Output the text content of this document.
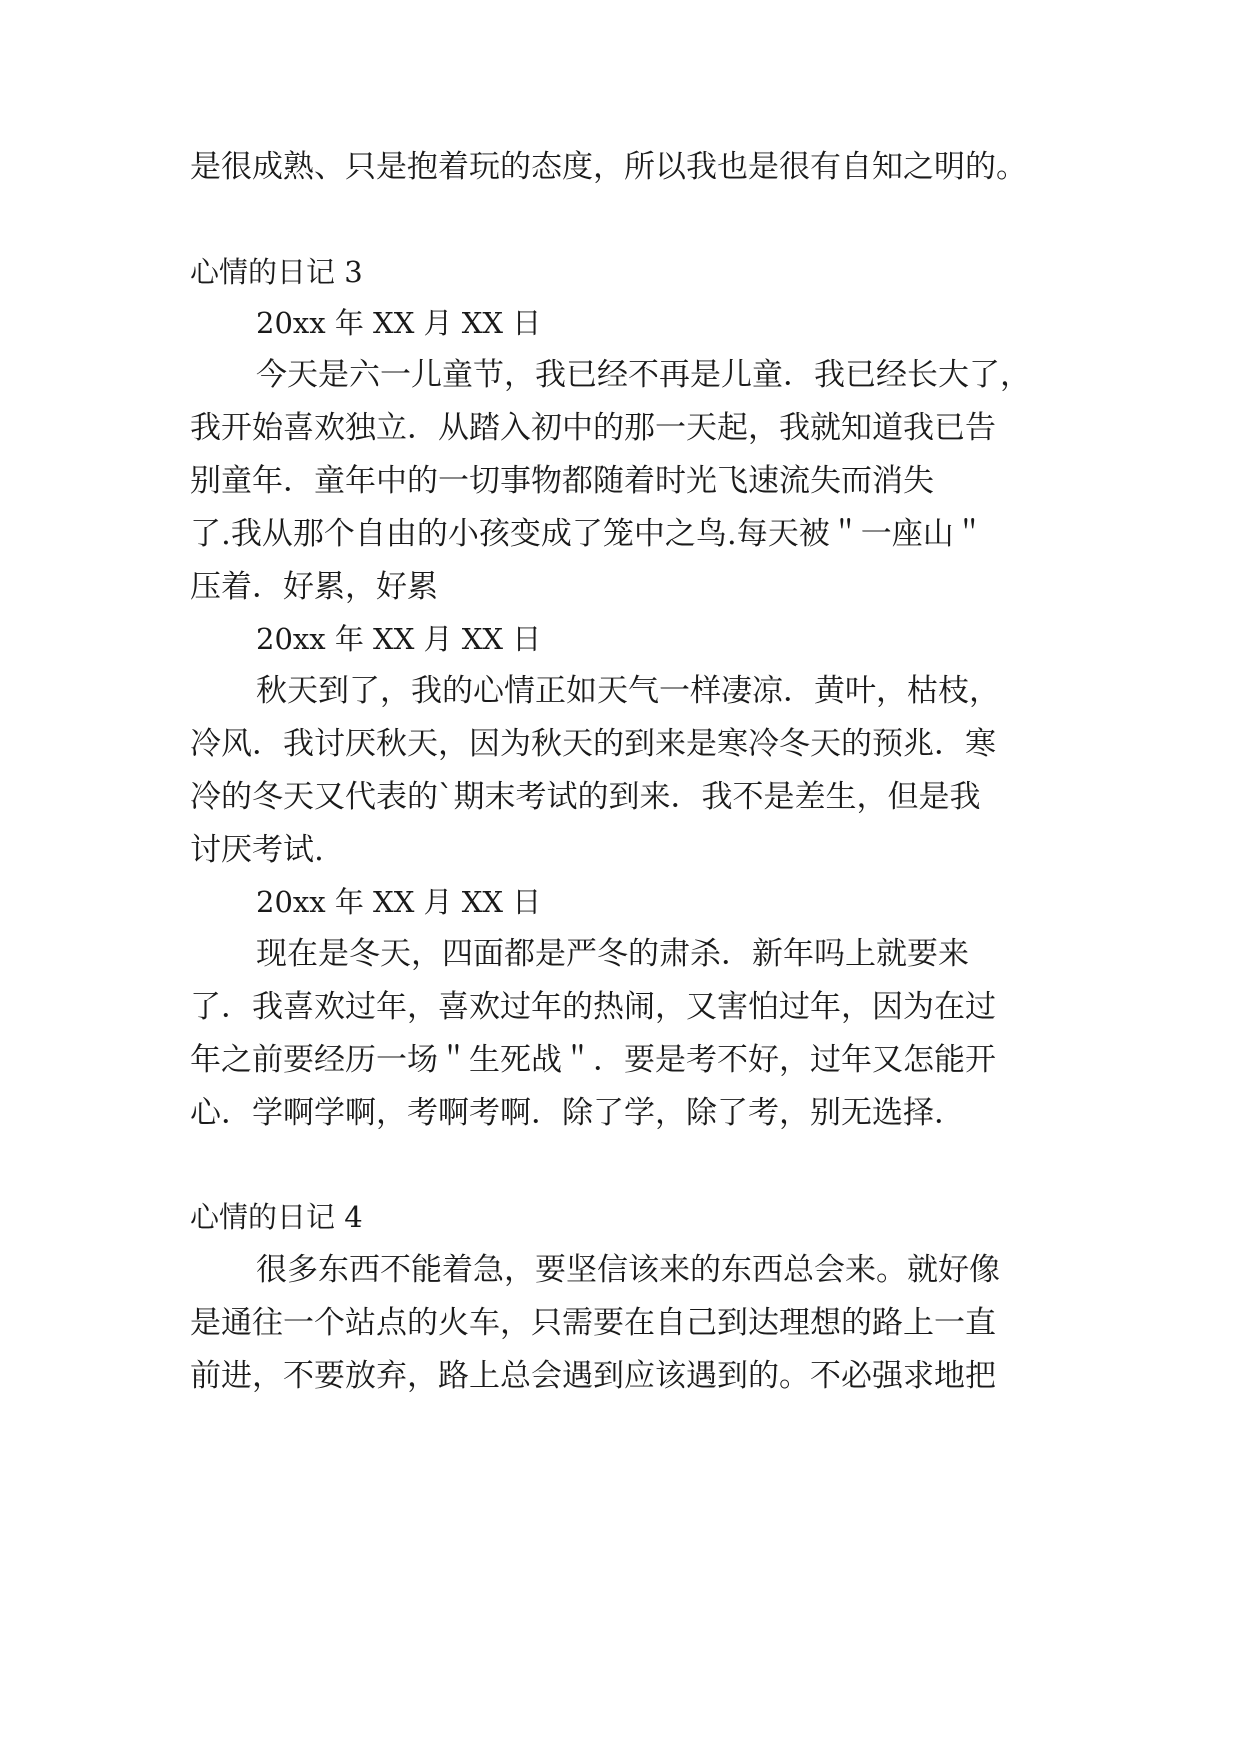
是很成熟、只是抱着玩的态度，所以我也是很有自知之明的。
心情的日记 3
20xx 年 XX 月 XX 日
今天是六一儿童节，我已经不再是儿童．我已经长大了，
我开始喜欢独立．从踏入初中的那一天起，我就知道我已告
别童年．童年中的一切事物都随着时光飞速流失而消失
了.我从那个自由的小孩变成了笼中之鸟.每天被＂一座山＂
压着．好累，好累
20xx 年 XX 月 XX 日
秋天到了，我的心情正如天气一样凄凉．黄叶，枯枝，
冷风．我讨厌秋天，因为秋天的到来是寒冷冬天的预兆．寒
冷的冬天又代表的`期末考试的到来．我不是差生，但是我
讨厌考试.
20xx 年 XX 月 XX 日
现在是冬天，四面都是严冬的肃杀．新年吗上就要来
了．我喜欢过年，喜欢过年的热闹，又害怕过年，因为在过
年之前要经历一场＂生死战＂．要是考不好，过年又怎能开
心．学啊学啊，考啊考啊．除了学，除了考，别无选择．
心情的日记 4
很多东西不能着急，要坚信该来的东西总会来。就好像
是通往一个站点的火车，只需要在自己到达理想的路上一直
前进，不要放弃，路上总会遇到应该遇到的。不必强求地把
